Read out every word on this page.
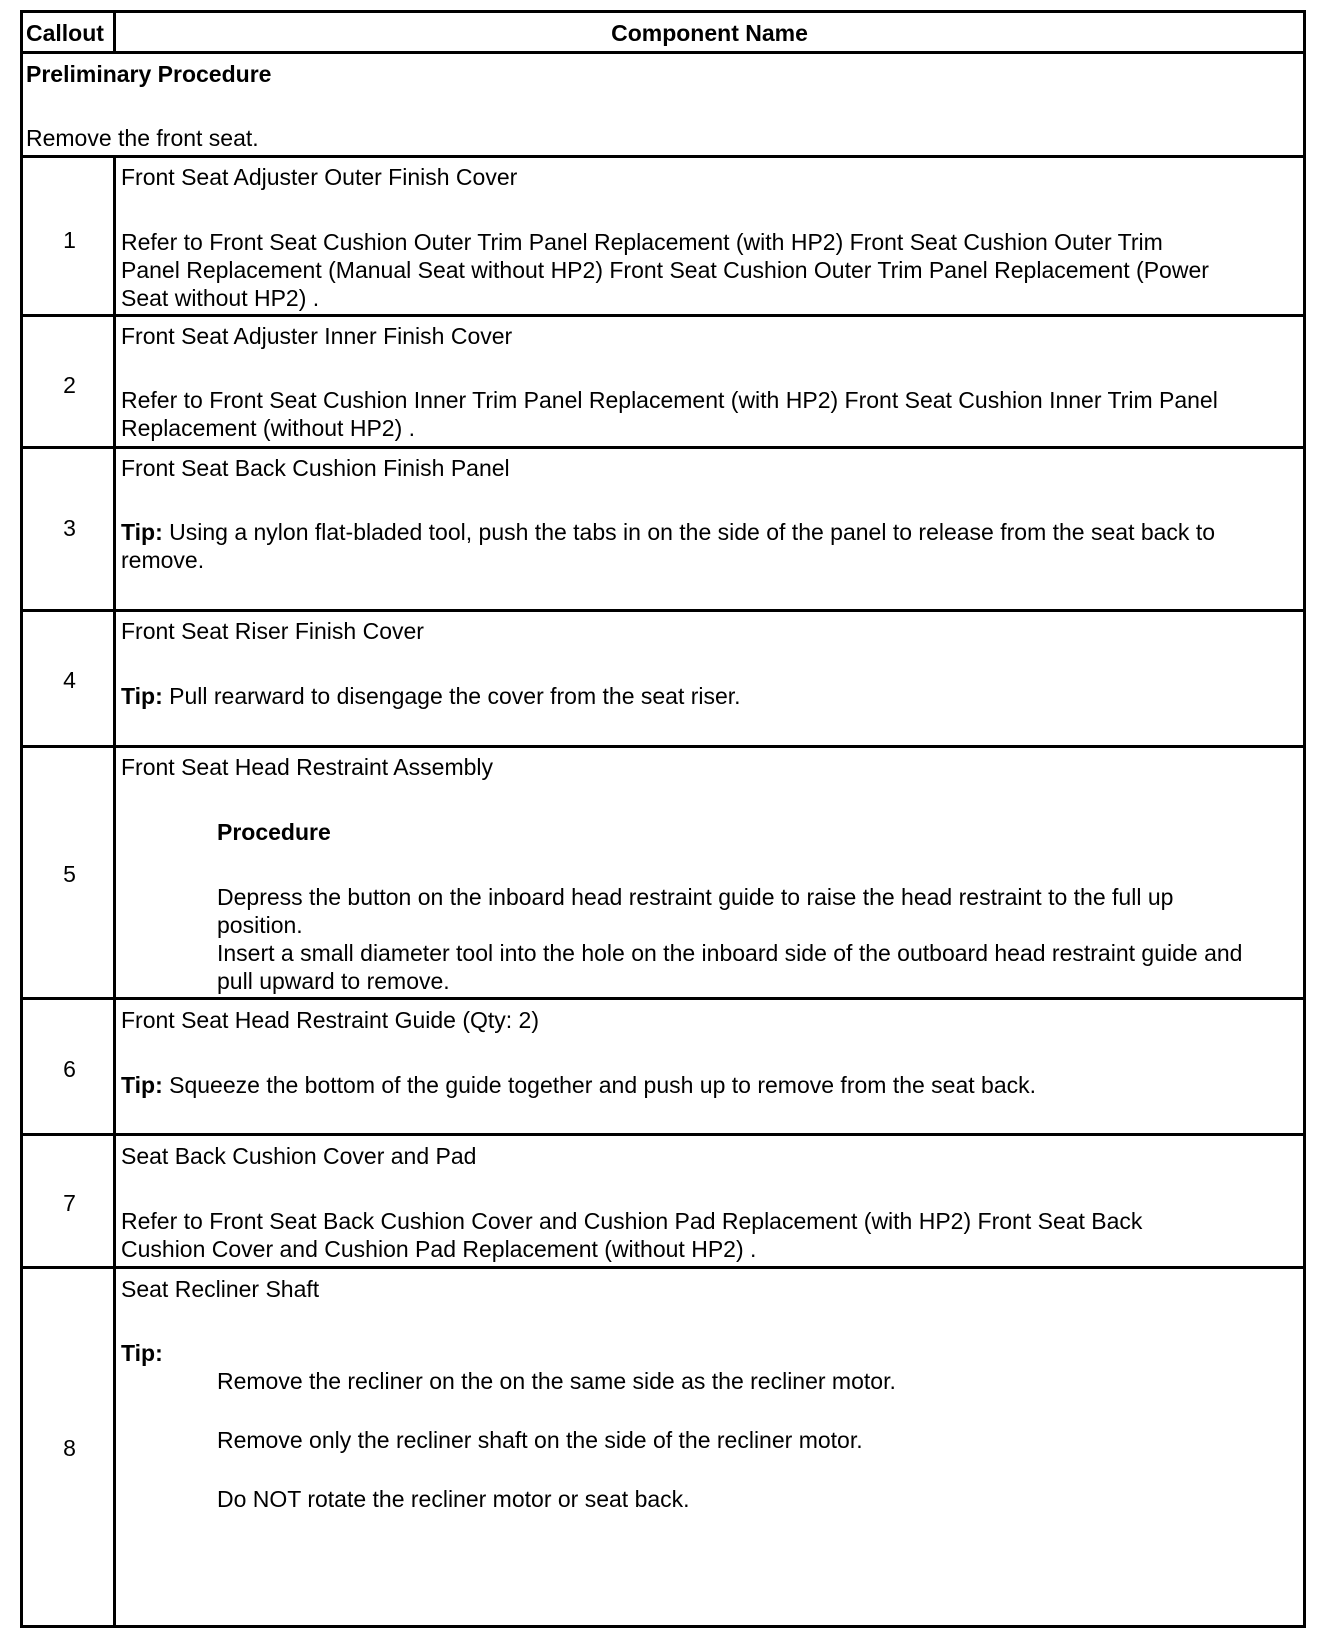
Callout	Component Name
Preliminary Procedure
Remove the front seat.
1
Front Seat Adjuster Outer Finish Cover
Refer to Front Seat Cushion Outer Trim Panel Replacement (with HP2) Front Seat Cushion Outer Trim Panel Replacement (Manual Seat without HP2) Front Seat Cushion Outer Trim Panel Replacement (Power Seat without HP2) .
2
Front Seat Adjuster Inner Finish Cover
Refer to Front Seat Cushion Inner Trim Panel Replacement (with HP2) Front Seat Cushion Inner Trim Panel Replacement (without HP2) .
3
Front Seat Back Cushion Finish Panel
Tip: Using a nylon flat-bladed tool, push the tabs in on the side of the panel to release from the seat back to remove.
4
Front Seat Riser Finish Cover
Tip: Pull rearward to disengage the cover from the seat riser.
5
Front Seat Head Restraint Assembly
Procedure
Depress the button on the inboard head restraint guide to raise the head restraint to the full up position.
Insert a small diameter tool into the hole on the inboard side of the outboard head restraint guide and pull upward to remove.
6
Front Seat Head Restraint Guide (Qty: 2)
Tip: Squeeze the bottom of the guide together and push up to remove from the seat back.
7
Seat Back Cushion Cover and Pad
Refer to Front Seat Back Cushion Cover and Cushion Pad Replacement (with HP2) Front Seat Back Cushion Cover and Cushion Pad Replacement (without HP2) .
8
Seat Recliner Shaft
Tip:
Remove the recliner on the on the same side as the recliner motor.
Remove only the recliner shaft on the side of the recliner motor.
Do NOT rotate the recliner motor or seat back.
